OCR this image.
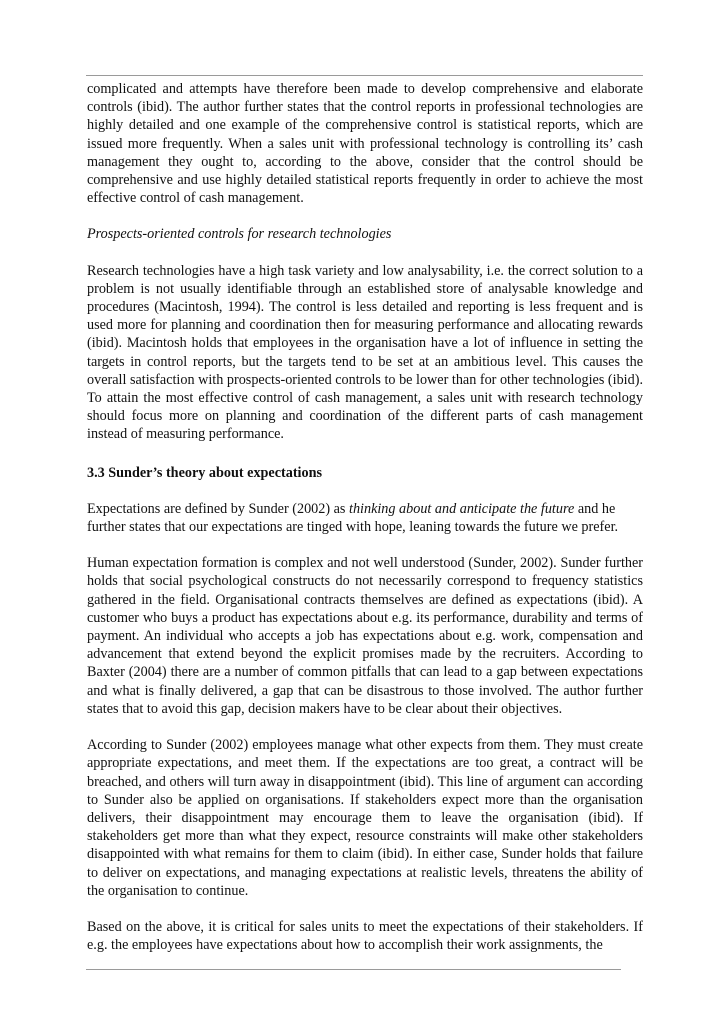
complicated and attempts have therefore been made to develop comprehensive and elaborate controls (ibid). The author further states that the control reports in professional technologies are highly detailed and one example of the comprehensive control is statistical reports, which are issued more frequently. When a sales unit with professional technology is controlling its’ cash management they ought to, according to the above, consider that the control should be comprehensive and use highly detailed statistical reports frequently in order to achieve the most effective control of cash management.

Prospects-oriented controls for research technologies

Research technologies have a high task variety and low analysability, i.e. the correct solution to a problem is not usually identifiable through an established store of analysable knowledge and procedures (Macintosh, 1994). The control is less detailed and reporting is less frequent and is used more for planning and coordination then for measuring performance and allocating rewards (ibid). Macintosh holds that employees in the organisation have a lot of influence in setting the targets in control reports, but the targets tend to be set at an ambitious level. This causes the overall satisfaction with prospects-oriented controls to be lower than for other technologies (ibid). To attain the most effective control of cash management, a sales unit with research technology should focus more on planning and coordination of the different parts of cash management instead of measuring performance.

3.3 Sunder’s theory about expectations

Expectations are defined by Sunder (2002) as thinking about and anticipate the future and he further states that our expectations are tinged with hope, leaning towards the future we prefer.

Human expectation formation is complex and not well understood (Sunder, 2002). Sunder further holds that social psychological constructs do not necessarily correspond to frequency statistics gathered in the field. Organisational contracts themselves are defined as expectations (ibid). A customer who buys a product has expectations about e.g. its performance, durability and terms of payment. An individual who accepts a job has expectations about e.g. work, compensation and advancement that extend beyond the explicit promises made by the recruiters. According to Baxter (2004) there are a number of common pitfalls that can lead to a gap between expectations and what is finally delivered, a gap that can be disastrous to those involved. The author further states that to avoid this gap, decision makers have to be clear about their objectives.

According to Sunder (2002) employees manage what other expects from them. They must create appropriate expectations, and meet them. If the expectations are too great, a contract will be breached, and others will turn away in disappointment (ibid). This line of argument can according to Sunder also be applied on organisations. If stakeholders expect more than the organisation delivers, their disappointment may encourage them to leave the organisation (ibid). If stakeholders get more than what they expect, resource constraints will make other stakeholders disappointed with what remains for them to claim (ibid). In either case, Sunder holds that failure to deliver on expectations, and managing expectations at realistic levels, threatens the ability of the organisation to continue.

Based on the above, it is critical for sales units to meet the expectations of their stakeholders. If e.g. the employees have expectations about how to accomplish their work assignments, the
